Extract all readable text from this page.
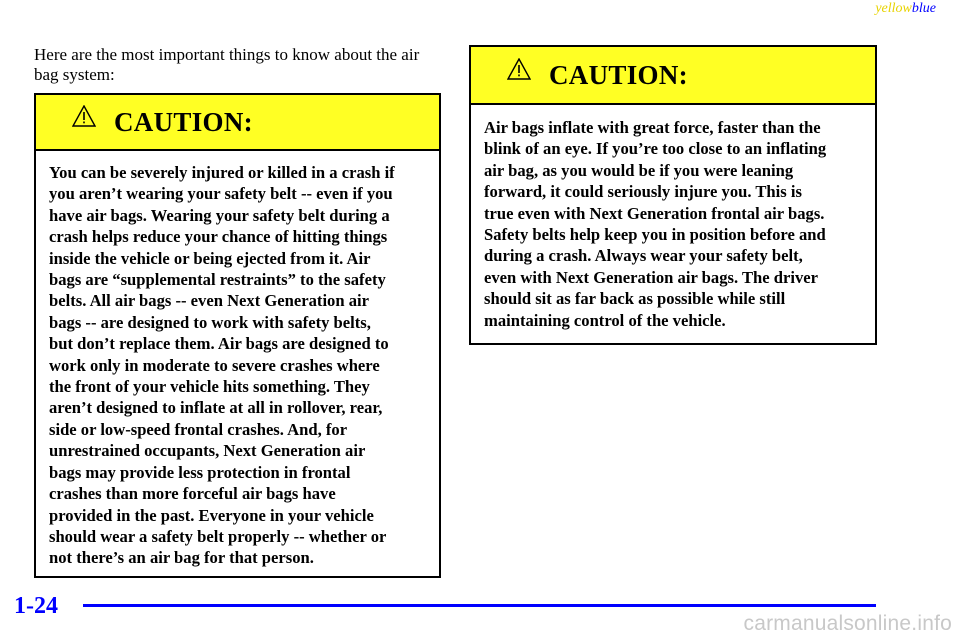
yellowblue

Here are the most important things to know about the air bag system:

CAUTION:

You can be severely injured or killed in a crash if
you aren’t wearing your safety belt -- even if you
have air bags. Wearing your safety belt during a
crash helps reduce your chance of hitting things
inside the vehicle or being ejected from it. Air
bags are “supplemental restraints” to the safety
belts. All air bags -- even Next Generation air
bags -- are designed to work with safety belts,
but don’t replace them. Air bags are designed to
work only in moderate to severe crashes where
the front of your vehicle hits something. They
aren’t designed to inflate at all in rollover, rear,
side or low-speed frontal crashes. And, for
unrestrained occupants, Next Generation air
bags may provide less protection in frontal
crashes than more forceful air bags have
provided in the past. Everyone in your vehicle
should wear a safety belt properly -- whether or
not there’s an air bag for that person.

CAUTION:

Air bags inflate with great force, faster than the
blink of an eye. If you’re too close to an inflating
air bag, as you would be if you were leaning
forward, it could seriously injure you. This is
true even with Next Generation frontal air bags.
Safety belts help keep you in position before and
during a crash. Always wear your safety belt,
even with Next Generation air bags. The driver
should sit as far back as possible while still
maintaining control of the vehicle.

1-24
carmanualsonline.info
